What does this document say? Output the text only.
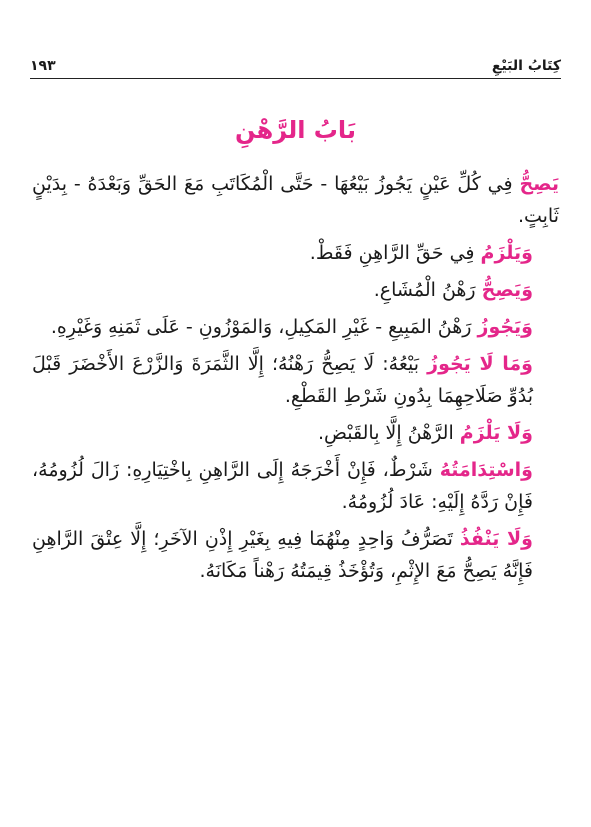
كِتَابُ البَيْعِ
١٩٣
بَابُ الرَّهْنِ

يَصِحُّ فِي كُلِّ عَيْنٍ يَجُوزُ بَيْعُهَا - حَتَّى الْمُكَاتَبِ مَعَ الحَقِّ وَبَعْدَهُ - بِدَيْنٍ ثَابِتٍ.

وَيَلْزَمُ فِي حَقِّ الرَّاهِنِ فَقَطْ.

وَيَصِحُّ رَهْنُ الْمُشَاعِ.

وَيَجُوزُ رَهْنُ المَبِيعِ - غَيْرِ المَكِيلِ، وَالمَوْزُونِ - عَلَى ثَمَنِهِ وَغَيْرِهِ.

وَمَا لَا يَجُوزُ بَيْعُهُ: لَا يَصِحُّ رَهْنُهُ؛ إِلَّا الثَّمَرَةَ وَالزَّرْعَ الأَخْضَرَ قَبْلَ بُدُوِّ صَلَاحِهِمَا بِدُونِ شَرْطِ القَطْعِ.

وَلَا يَلْزَمُ الرَّهْنُ إِلَّا بِالقَبْضِ.

وَاسْتِدَامَتُهُ شَرْطٌ، فَإِنْ أَخْرَجَهُ إِلَى الرَّاهِنِ بِاخْتِيَارِهِ: زَالَ لُزُومُهُ، فَإِنْ رَدَّهُ إِلَيْهِ: عَادَ لُزُومُهُ.

وَلَا يَنْفُذُ تَصَرُّفُ وَاحِدٍ مِنْهُمَا فِيهِ بِغَيْرِ إِذْنِ الآخَرِ؛ إِلَّا عِتْقَ الرَّاهِنِ فَإِنَّهُ يَصِحُّ مَعَ الإِثْمِ، وَتُؤْخَذُ قِيمَتُهُ رَهْناً مَكَانَهُ.
